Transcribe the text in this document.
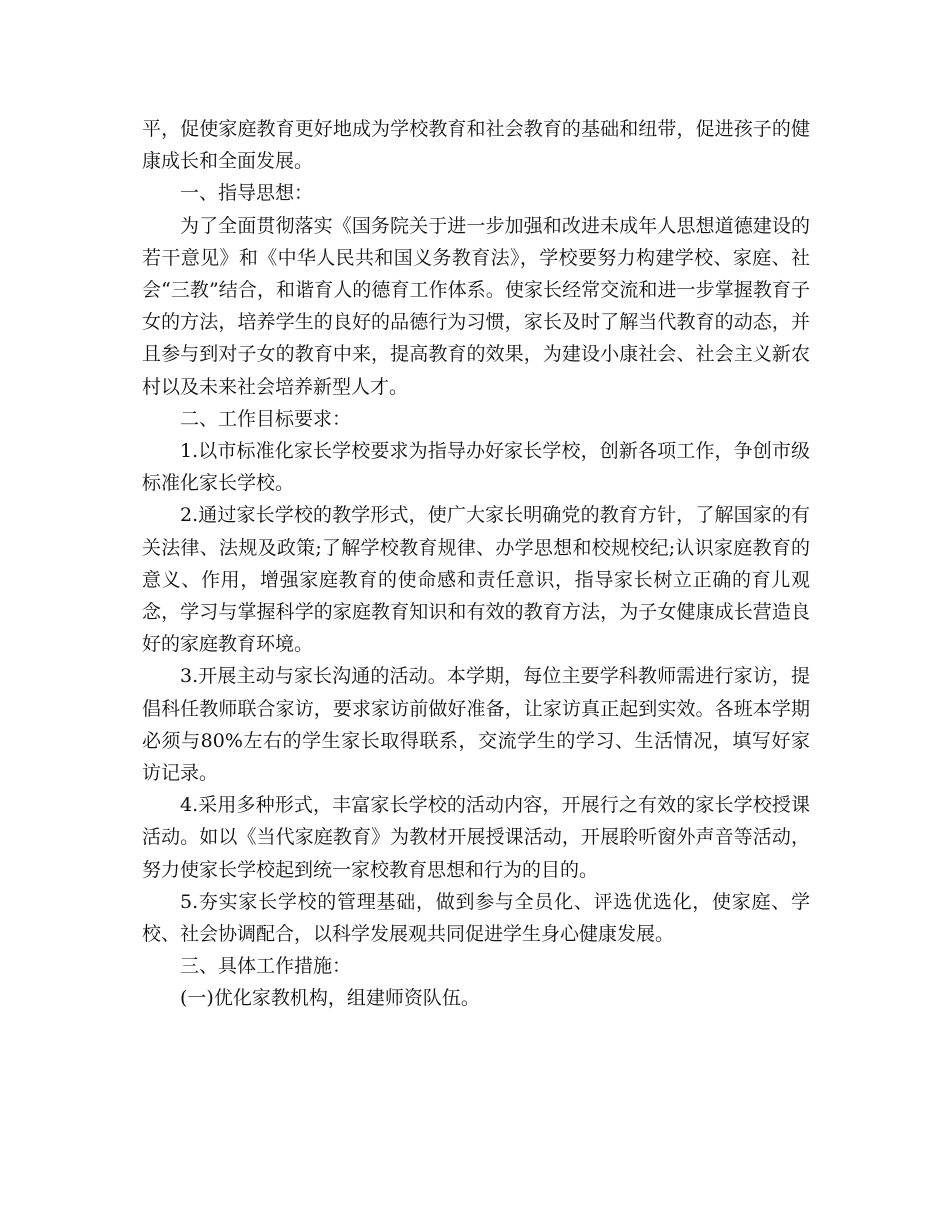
平，促使家庭教育更好地成为学校教育和社会教育的基础和纽带，促进孩子的健康成长和全面发展。

一、指导思想：

为了全面贯彻落实《国务院关于进一步加强和改进未成年人思想道德建设的若干意见》和《中华人民共和国义务教育法》，学校要努力构建学校、家庭、社会“三教”结合，和谐育人的德育工作体系。使家长经常交流和进一步掌握教育子女的方法，培养学生的良好的品德行为习惯，家长及时了解当代教育的动态，并且参与到对子女的教育中来，提高教育的效果，为建设小康社会、社会主义新农村以及未来社会培养新型人才。

二、工作目标要求：

1.以市标准化家长学校要求为指导办好家长学校，创新各项工作，争创市级标准化家长学校。

2.通过家长学校的教学形式，使广大家长明确党的教育方针，了解国家的有关法律、法规及政策;了解学校教育规律、办学思想和校规校纪;认识家庭教育的意义、作用，增强家庭教育的使命感和责任意识，指导家长树立正确的育儿观念，学习与掌握科学的家庭教育知识和有效的教育方法，为子女健康成长营造良好的家庭教育环境。

3.开展主动与家长沟通的活动。本学期，每位主要学科教师需进行家访，提倡科任教师联合家访，要求家访前做好准备，让家访真正起到实效。各班本学期必须与80%左右的学生家长取得联系，交流学生的学习、生活情况，填写好家访记录。

4.采用多种形式，丰富家长学校的活动内容，开展行之有效的家长学校授课活动。如以《当代家庭教育》为教材开展授课活动，开展聆听窗外声音等活动，努力使家长学校起到统一家校教育思想和行为的目的。

5.夯实家长学校的管理基础，做到参与全员化、评选优选化，使家庭、学校、社会协调配合，以科学发展观共同促进学生身心健康发展。

三、具体工作措施：

(一)优化家教机构，组建师资队伍。
